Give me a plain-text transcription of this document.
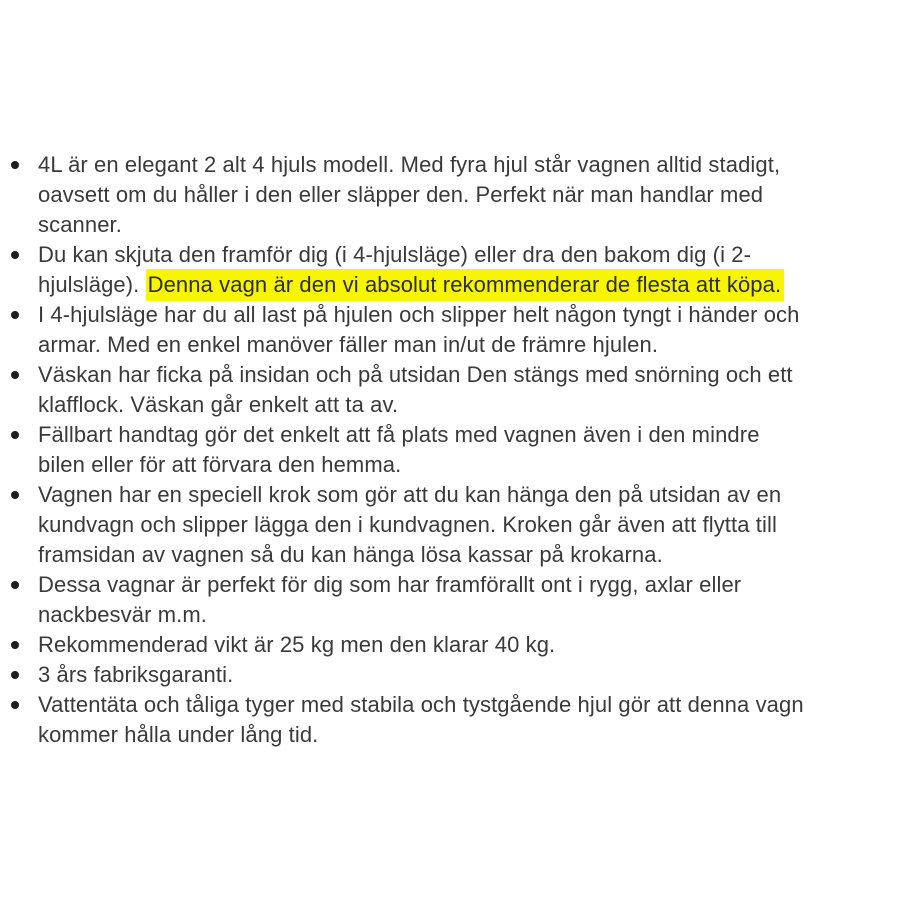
4L är en elegant 2 alt 4 hjuls modell. Med fyra hjul står vagnen alltid stadigt,
oavsett om du håller i den eller släpper den. Perfekt när man handlar med
scanner.
Du kan skjuta den framför dig (i 4-hjulsläge) eller dra den bakom dig (i 2-
hjulsläge). Denna vagn är den vi absolut rekommenderar de flesta att köpa.
I 4-hjulsläge har du all last på hjulen och slipper helt någon tyngt i händer och
armar. Med en enkel manöver fäller man in/ut de främre hjulen.
Väskan har ficka på insidan och på utsidan Den stängs med snörning och ett
klafflock. Väskan går enkelt att ta av.
Fällbart handtag gör det enkelt att få plats med vagnen även i den mindre
bilen eller för att förvara den hemma.
Vagnen har en speciell krok som gör att du kan hänga den på utsidan av en
kundvagn och slipper lägga den i kundvagnen. Kroken går även att flytta till
framsidan av vagnen så du kan hänga lösa kassar på krokarna.
Dessa vagnar är perfekt för dig som har framförallt ont i rygg, axlar eller
nackbesvär m.m.
Rekommenderad vikt är 25 kg men den klarar 40 kg.
3 års fabriksgaranti.
Vattentäta och tåliga tyger med stabila och tystgående hjul gör att denna vagn
kommer hålla under lång tid.
